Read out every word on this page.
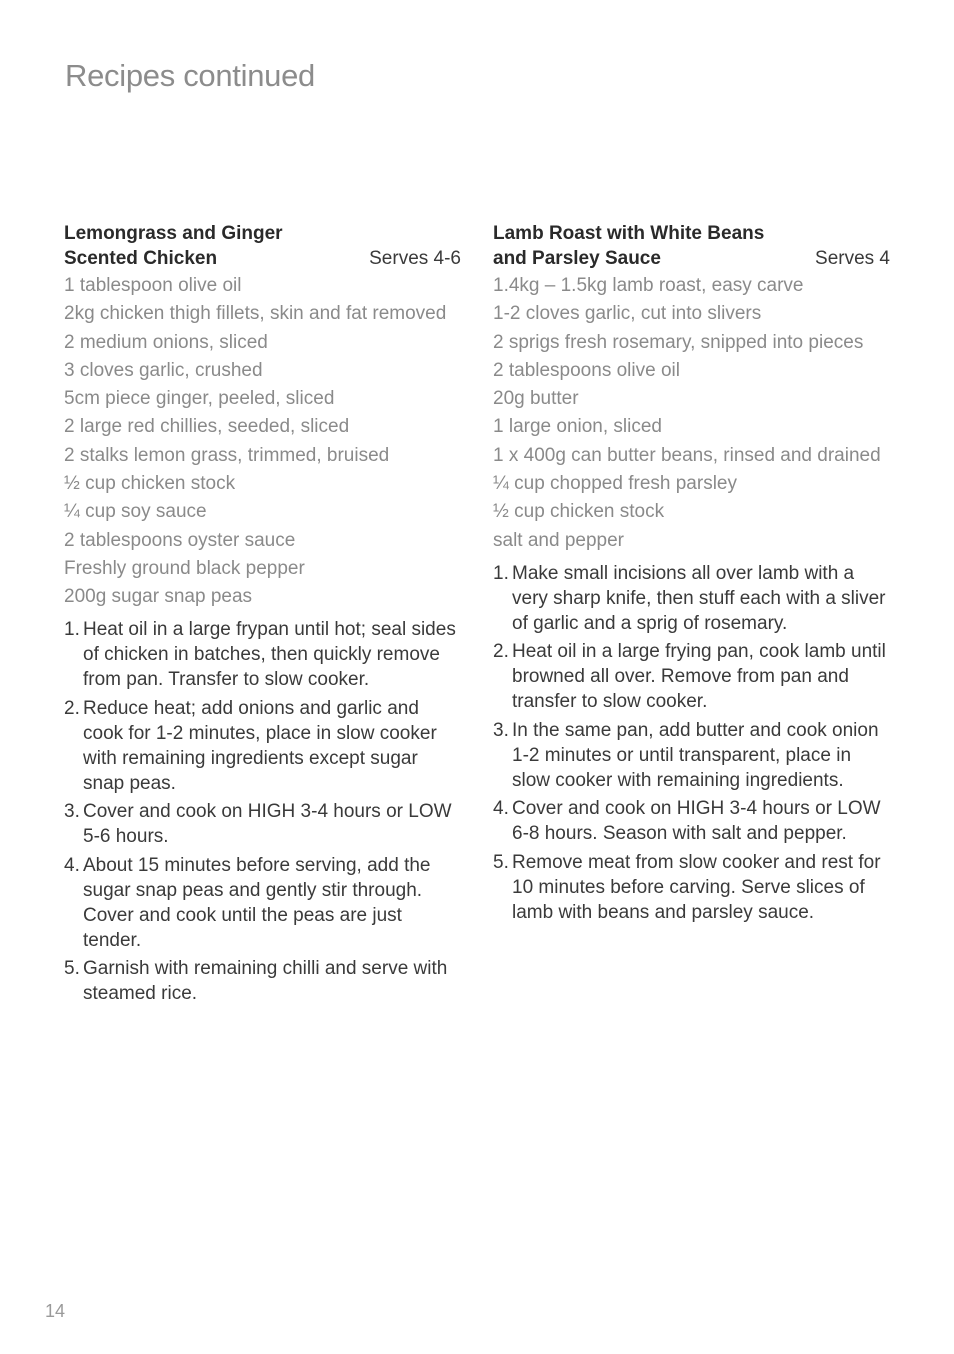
Recipes continued
Lemongrass and Ginger
Scented Chicken	Serves 4-6
1 tablespoon olive oil
2kg chicken thigh fillets, skin and fat removed
2 medium onions, sliced
3 cloves garlic, crushed
5cm piece ginger, peeled, sliced
2 large red chillies, seeded, sliced
2 stalks lemon grass, trimmed, bruised
½ cup chicken stock
¼ cup soy sauce
2 tablespoons oyster sauce
Freshly ground black pepper
200g sugar snap peas
1. Heat oil in a large frypan until hot; seal sides of chicken in batches, then quickly remove from pan. Transfer to slow cooker.
2. Reduce heat; add onions and garlic and cook for 1-2 minutes, place in slow cooker with remaining ingredients except sugar snap peas.
3. Cover and cook on HIGH 3-4 hours or LOW 5-6 hours.
4. About 15 minutes before serving, add the sugar snap peas and gently stir through. Cover and cook until the peas are just tender.
5. Garnish with remaining chilli and serve with steamed rice.
Lamb Roast with White Beans
and Parsley Sauce	Serves 4
1.4kg – 1.5kg lamb roast, easy carve
1-2 cloves garlic, cut into slivers
2 sprigs fresh rosemary, snipped into pieces
2 tablespoons olive oil
20g butter
1 large onion, sliced
1 x 400g can butter beans, rinsed and drained
¼ cup chopped fresh parsley
½ cup chicken stock
salt and pepper
1. Make small incisions all over lamb with a very sharp knife, then stuff each with a sliver of garlic and a sprig of rosemary.
2. Heat oil in a large frying pan, cook lamb until browned all over. Remove from pan and transfer to slow cooker.
3. In the same pan, add butter and cook onion 1-2 minutes or until transparent, place in slow cooker with remaining ingredients.
4. Cover and cook on HIGH 3-4 hours or LOW 6-8 hours. Season with salt and pepper.
5. Remove meat from slow cooker and rest for 10 minutes before carving. Serve slices of lamb with beans and parsley sauce.
14
